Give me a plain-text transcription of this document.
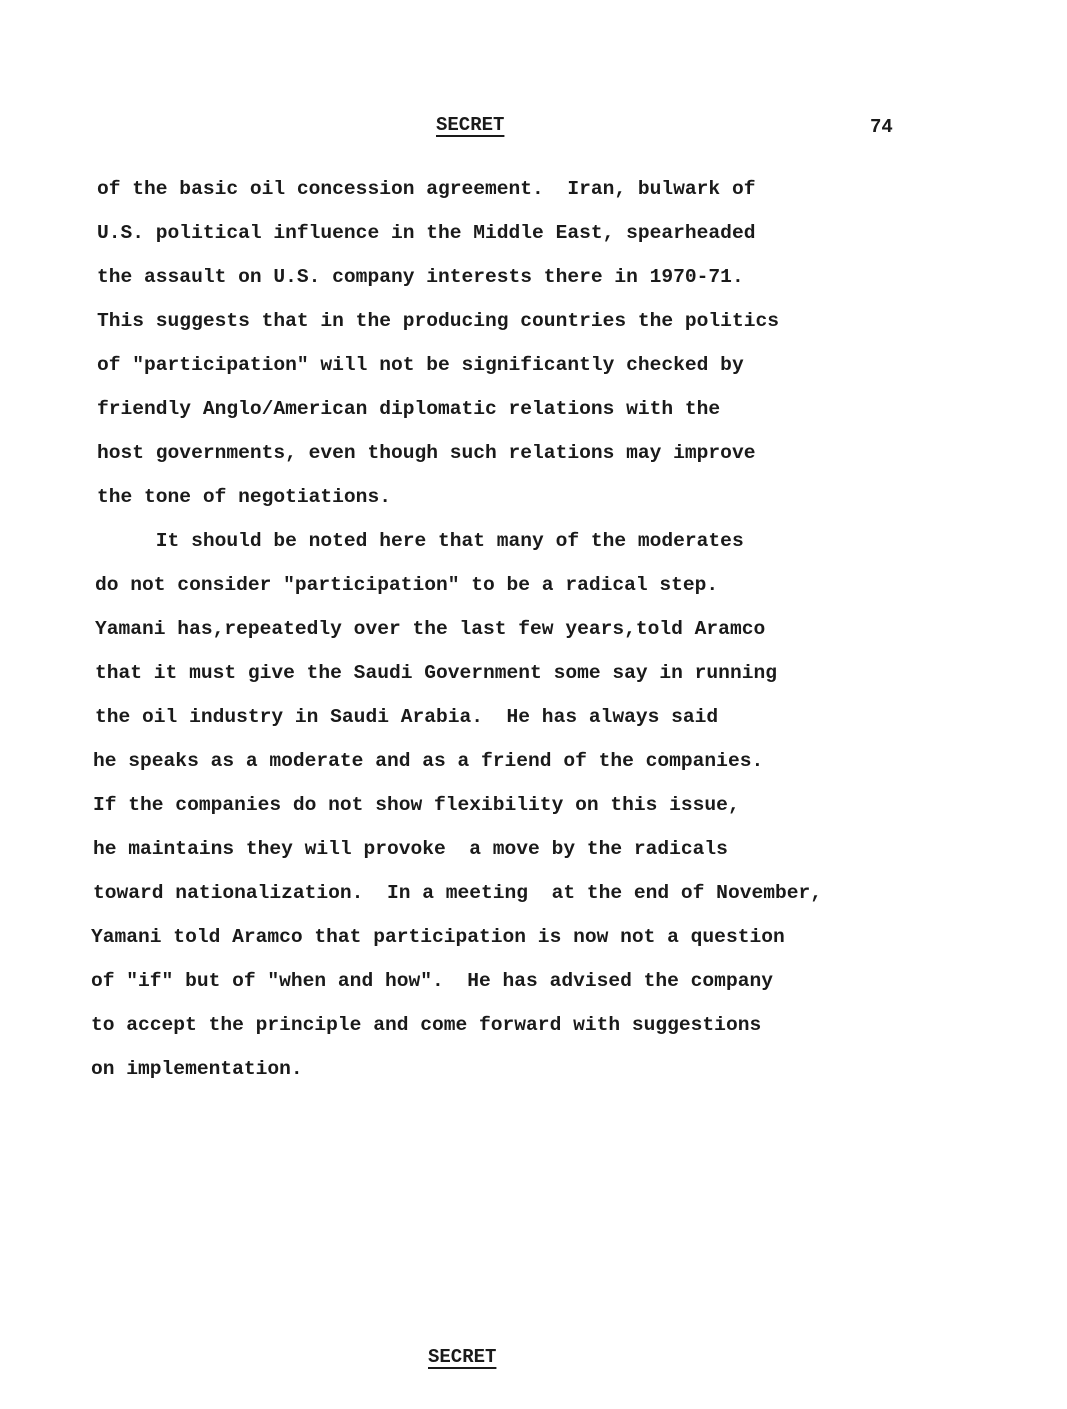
SECRET	74
of the basic oil concession agreement.  Iran, bulwark of
U.S. political influence in the Middle East, spearheaded
the assault on U.S. company interests there in 1970-71.
This suggests that in the producing countries the politics
of "participation" will not be significantly checked by
friendly Anglo/American diplomatic relations with the
host governments, even though such relations may improve
the tone of negotiations.
It should be noted here that many of the moderates
do not consider "participation" to be a radical step.
Yamani has,repeatedly over the last few years,told Aramco
that it must give the Saudi Government some say in running
the oil industry in Saudi Arabia.  He has always said
he speaks as a moderate and as a friend of the companies.
If the companies do not show flexibility on this issue,
he maintains they will provoke  a move by the radicals
toward nationalization.  In a meeting  at the end of November,
Yamani told Aramco that participation is now not a question
of "if" but of "when and how".  He has advised the company
to accept the principle and come forward with suggestions
on implementation.
SECRET
